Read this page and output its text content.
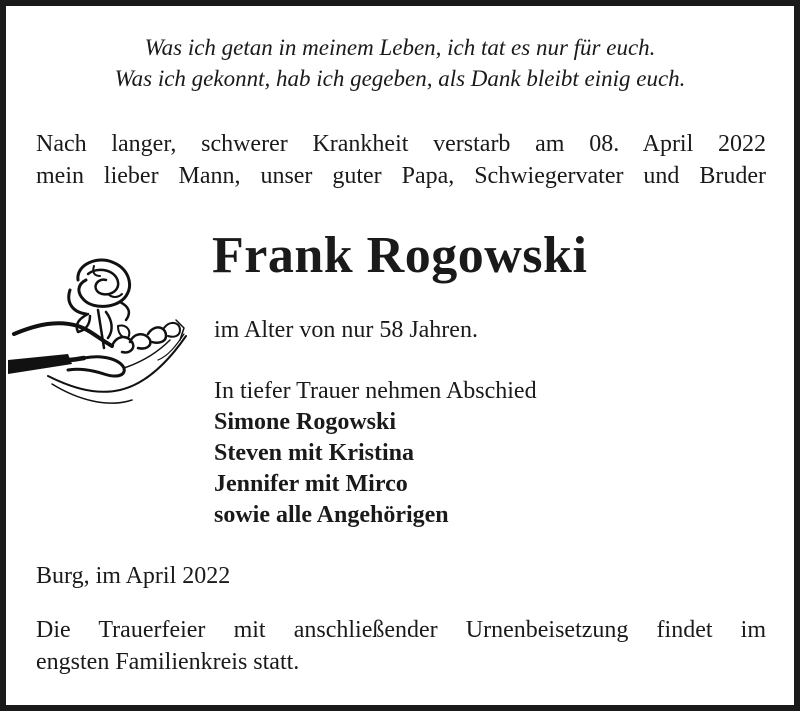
Was ich getan in meinem Leben, ich tat es nur für euch.
Was ich gekonnt, hab ich gegeben, als Dank bleibt einig euch.
Nach langer, schwerer Krankheit verstarb am 08. April 2022
mein lieber Mann, unser guter Papa, Schwiegervater und Bruder
Frank Rogowski
im Alter von nur 58 Jahren.
In tiefer Trauer nehmen Abschied
Simone Rogowski
Steven mit Kristina
Jennifer mit Mirco
sowie alle Angehörigen
Burg, im April 2022
Die Trauerfeier mit anschließender Urnenbeisetzung findet im
engsten Familienkreis statt.
